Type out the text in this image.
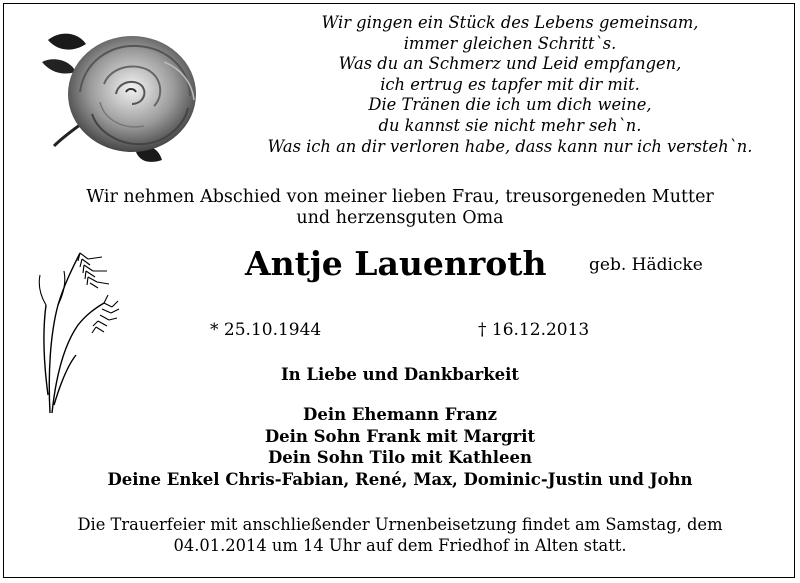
Wir gingen ein Stück des Lebens gemeinsam,
immer gleichen Schritt`s.
Was du an Schmerz und Leid empfangen,
ich ertrug es tapfer mit dir mit.
Die Tränen die ich um dich weine,
du kannst sie nicht mehr seh`n.
Was ich an dir verloren habe, dass kann nur ich versteh`n.
Wir nehmen Abschied von meiner lieben Frau, treusorgeneden Mutter
und herzensguten Oma
Antje Lauenroth	geb. Hädicke
* 25.10.1944	† 16.12.2013
In Liebe und Dankbarkeit
Dein Ehemann Franz
Dein Sohn Frank mit Margrit
Dein Sohn Tilo mit Kathleen
Deine Enkel Chris-Fabian, René, Max, Dominic-Justin und John
Die Trauerfeier mit anschließender Urnenbeisetzung findet am Samstag, dem
04.01.2014 um 14 Uhr auf dem Friedhof in Alten statt.
